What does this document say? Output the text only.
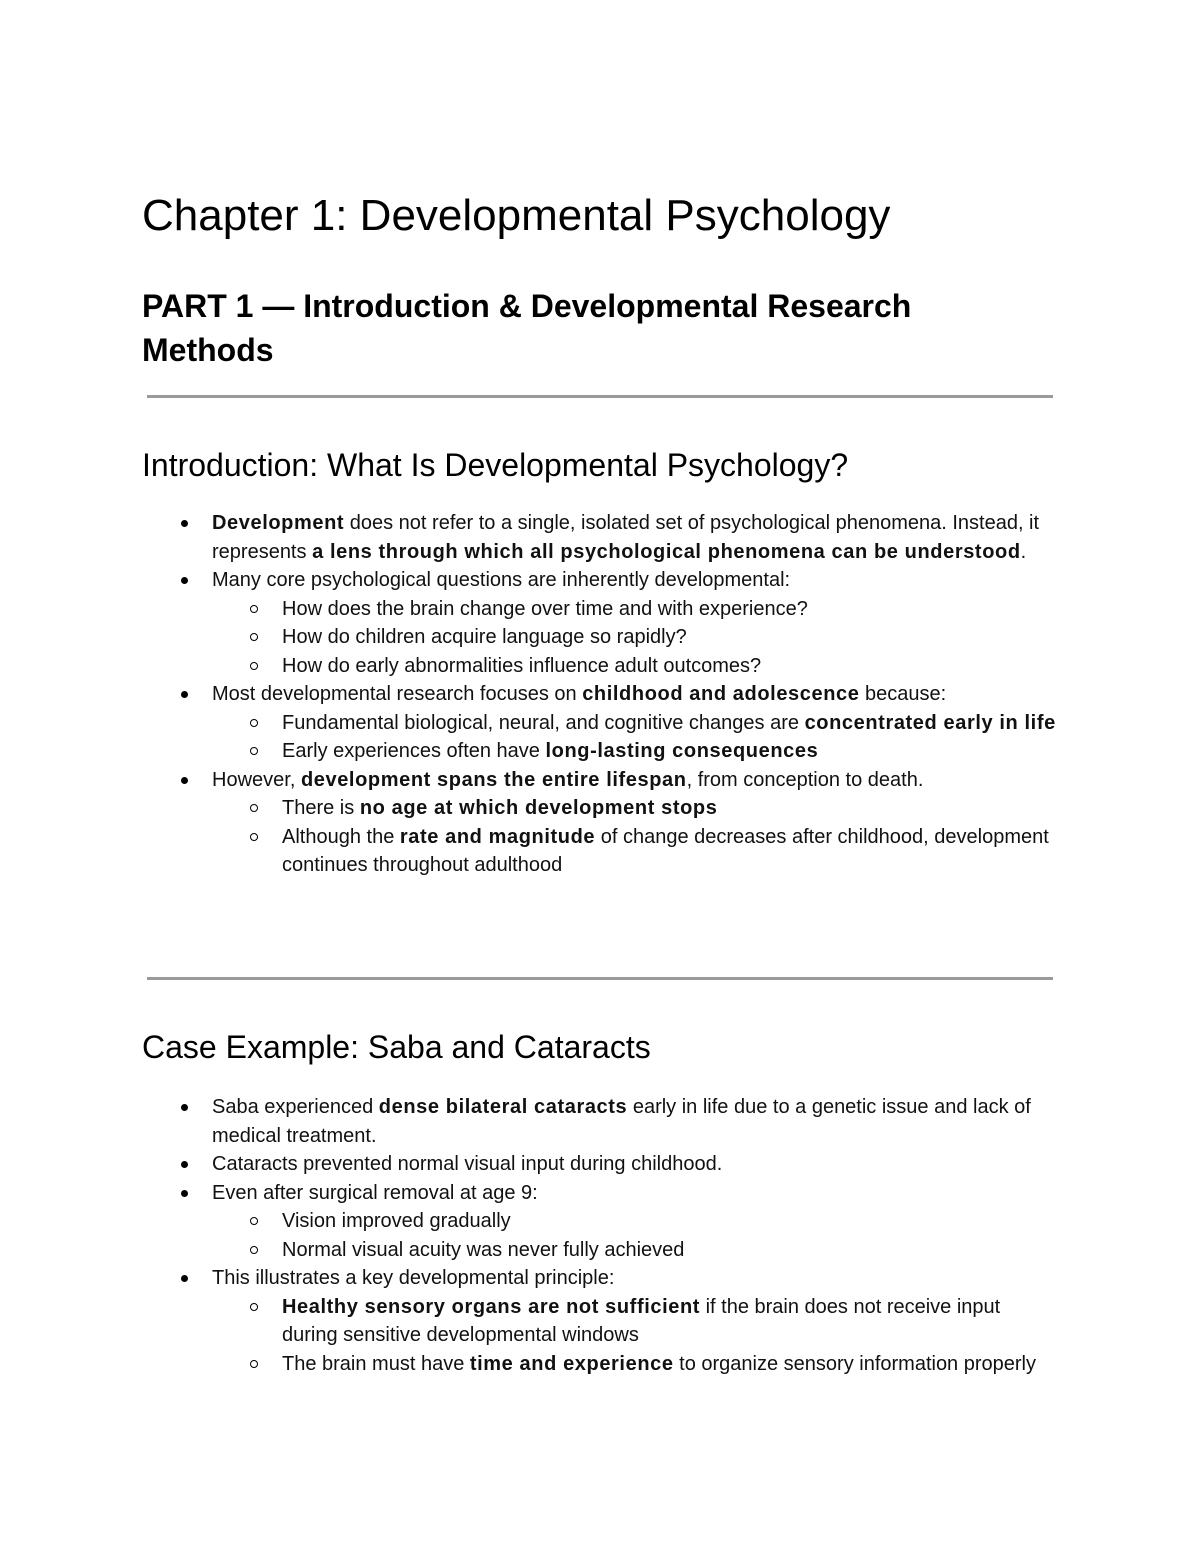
Chapter 1: Developmental Psychology
PART 1 — Introduction & Developmental Research Methods
Introduction: What Is Developmental Psychology?
Development does not refer to a single, isolated set of psychological phenomena. Instead, it represents a lens through which all psychological phenomena can be understood.
Many core psychological questions are inherently developmental:
How does the brain change over time and with experience?
How do children acquire language so rapidly?
How do early abnormalities influence adult outcomes?
Most developmental research focuses on childhood and adolescence because:
Fundamental biological, neural, and cognitive changes are concentrated early in life
Early experiences often have long-lasting consequences
However, development spans the entire lifespan, from conception to death.
There is no age at which development stops
Although the rate and magnitude of change decreases after childhood, development continues throughout adulthood
Case Example: Saba and Cataracts
Saba experienced dense bilateral cataracts early in life due to a genetic issue and lack of medical treatment.
Cataracts prevented normal visual input during childhood.
Even after surgical removal at age 9:
Vision improved gradually
Normal visual acuity was never fully achieved
This illustrates a key developmental principle:
Healthy sensory organs are not sufficient if the brain does not receive input during sensitive developmental windows
The brain must have time and experience to organize sensory information properly
